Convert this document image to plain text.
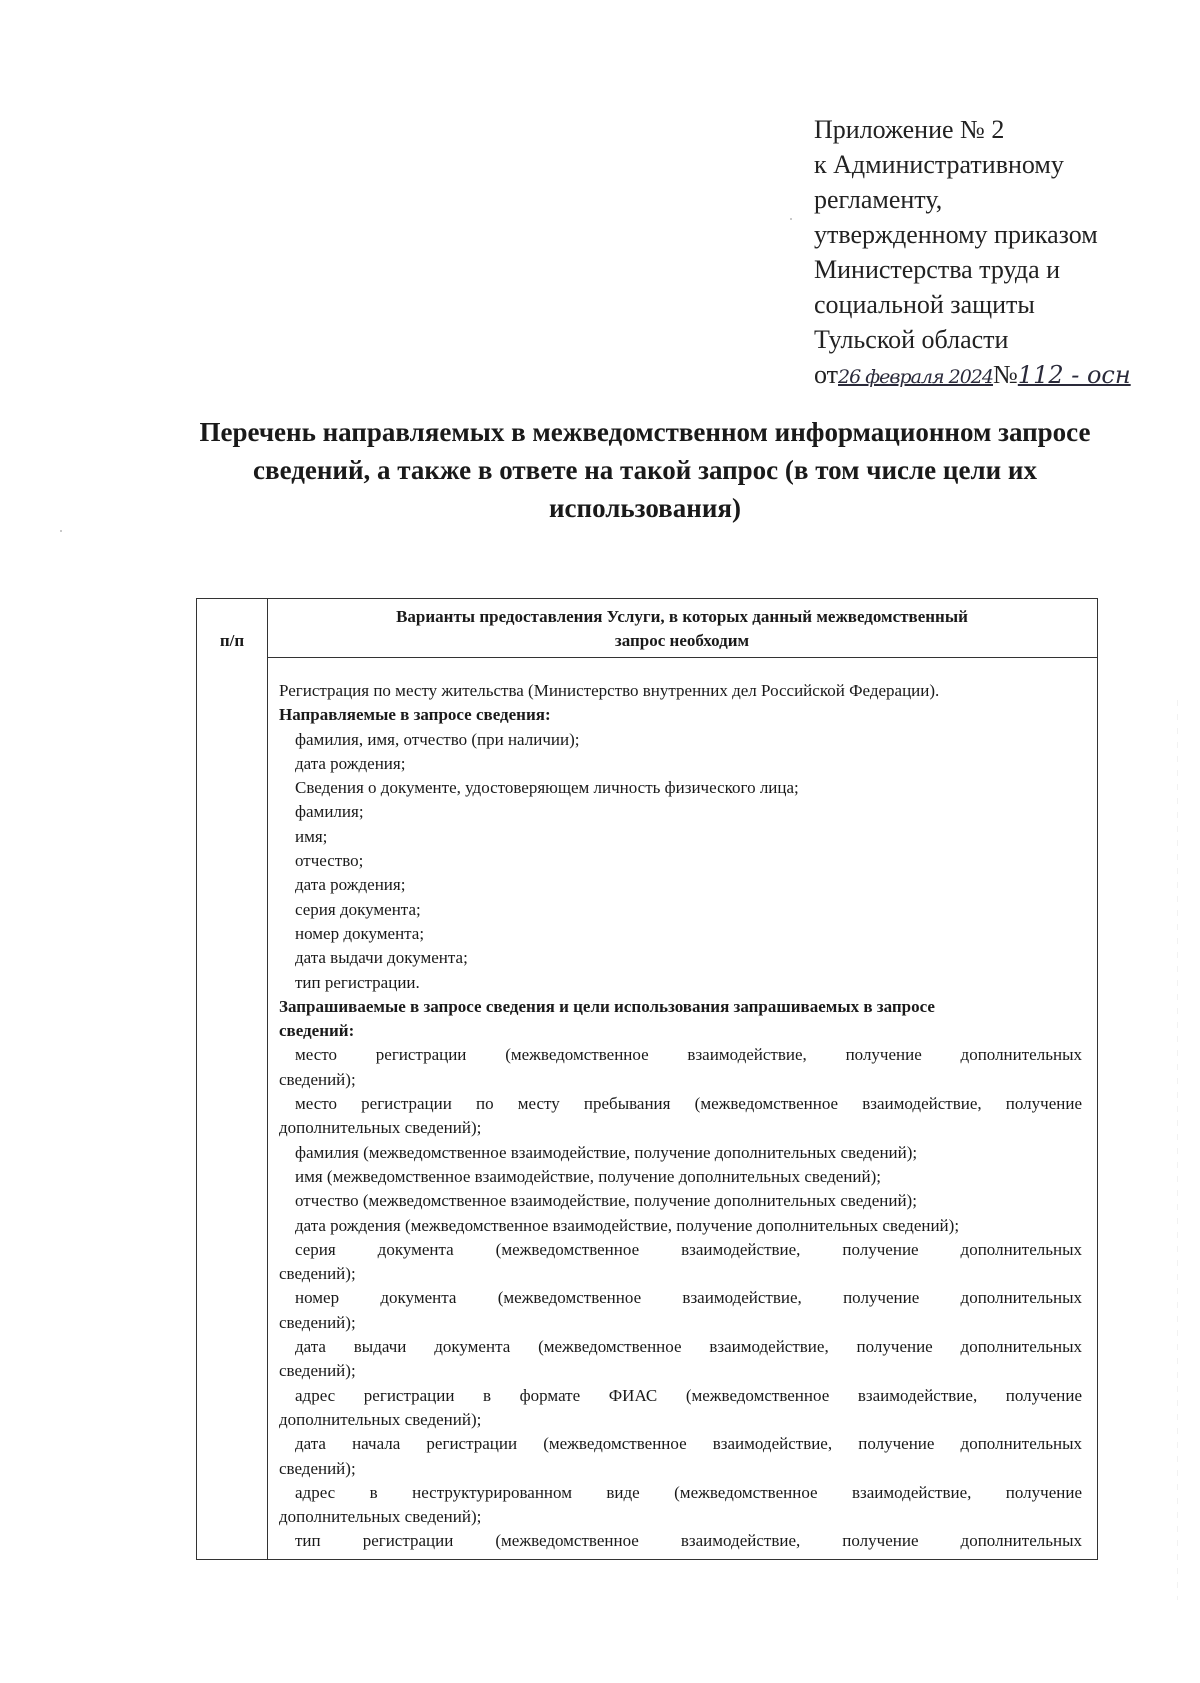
Приложение № 2
к Административному
регламенту,
утвержденному приказом
Министерства труда и
социальной защиты
Тульской области
от26 февраля 2024№112 - осн
Перечень направляемых в межведомственном информационном запросе
сведений, а также в ответе на такой запрос (в том числе цели их
использования)
п/п
Варианты предоставления Услуги, в которых данный межведомственный
запрос необходим
Регистрация по месту жительства (Министерство внутренних дел Российской Федерации).
Направляемые в запросе сведения:
фамилия, имя, отчество (при наличии);
дата рождения;
Сведения о документе, удостоверяющем личность физического лица;
фамилия;
имя;
отчество;
дата рождения;
серия документа;
номер документа;
дата выдачи документа;
тип регистрации.
Запрашиваемые в запросе сведения и цели использования запрашиваемых в запросе
сведений:
место регистрации (межведомственное взаимодействие, получение дополнительных
сведений);
место регистрации по месту пребывания (межведомственное взаимодействие, получение
дополнительных сведений);
фамилия (межведомственное взаимодействие, получение дополнительных сведений);
имя (межведомственное взаимодействие, получение дополнительных сведений);
отчество (межведомственное взаимодействие, получение дополнительных сведений);
дата рождения (межведомственное взаимодействие, получение дополнительных сведений);
серия документа (межведомственное взаимодействие, получение дополнительных
сведений);
номер документа (межведомственное взаимодействие, получение дополнительных
сведений);
дата выдачи документа (межведомственное взаимодействие, получение дополнительных
сведений);
адрес регистрации в формате ФИАС (межведомственное взаимодействие, получение
дополнительных сведений);
дата начала регистрации (межведомственное взаимодействие, получение дополнительных
сведений);
адрес в неструктурированном виде (межведомственное взаимодействие, получение
дополнительных сведений);
тип регистрации (межведомственное взаимодействие, получение дополнительных
